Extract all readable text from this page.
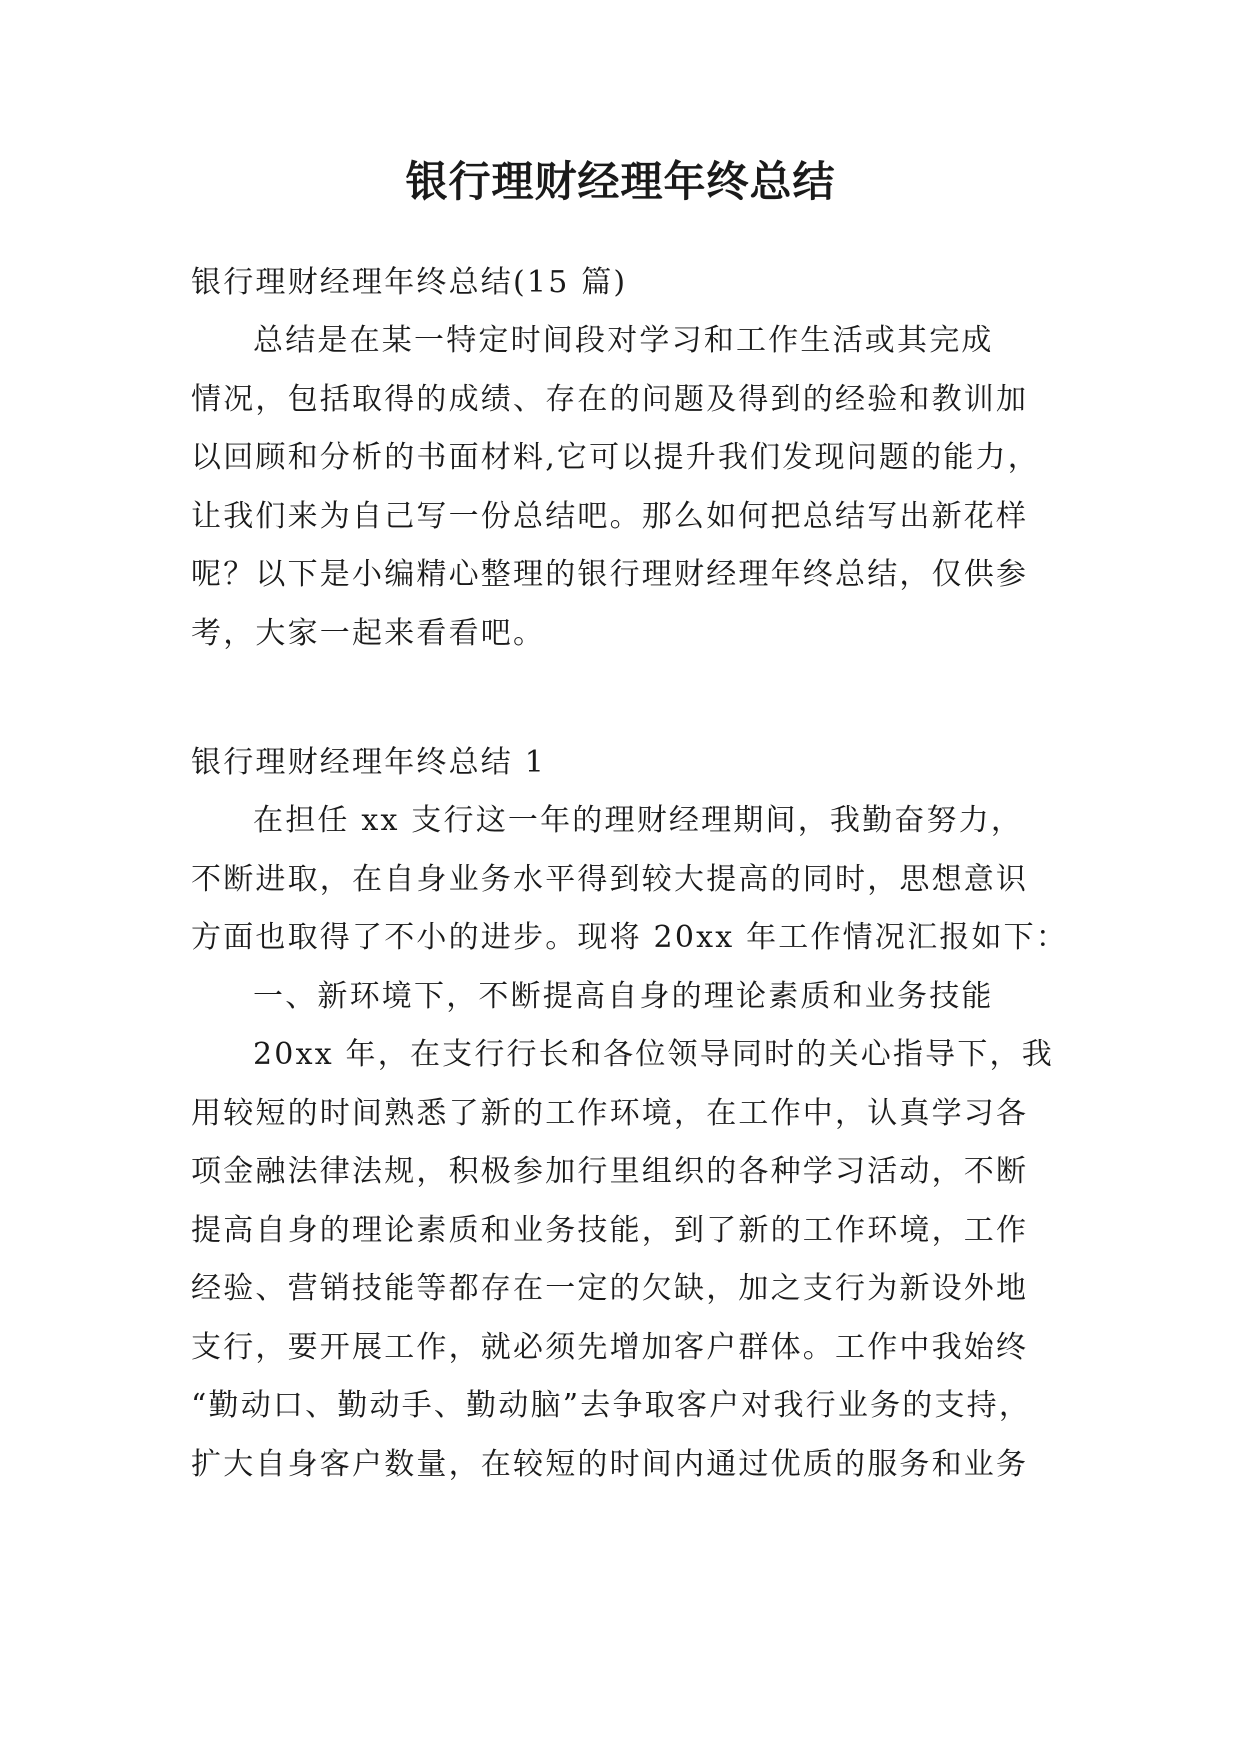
银行理财经理年终总结
银行理财经理年终总结(15 篇)
总结是在某一特定时间段对学习和工作生活或其完成
情况，包括取得的成绩、存在的问题及得到的经验和教训加
以回顾和分析的书面材料,它可以提升我们发现问题的能力，
让我们来为自己写一份总结吧。那么如何把总结写出新花样
呢？以下是小编精心整理的银行理财经理年终总结，仅供参
考，大家一起来看看吧。
银行理财经理年终总结 1
在担任 xx 支行这一年的理财经理期间，我勤奋努力，
不断进取，在自身业务水平得到较大提高的同时，思想意识
方面也取得了不小的进步。现将 20xx 年工作情况汇报如下：
一、新环境下，不断提高自身的理论素质和业务技能
20xx 年，在支行行长和各位领导同时的关心指导下，我
用较短的时间熟悉了新的工作环境，在工作中，认真学习各
项金融法律法规，积极参加行里组织的各种学习活动，不断
提高自身的理论素质和业务技能，到了新的工作环境，工作
经验、营销技能等都存在一定的欠缺，加之支行为新设外地
支行，要开展工作，就必须先增加客户群体。工作中我始终
“勤动口、勤动手、勤动脑”去争取客户对我行业务的支持，
扩大自身客户数量，在较短的时间内通过优质的服务和业务
